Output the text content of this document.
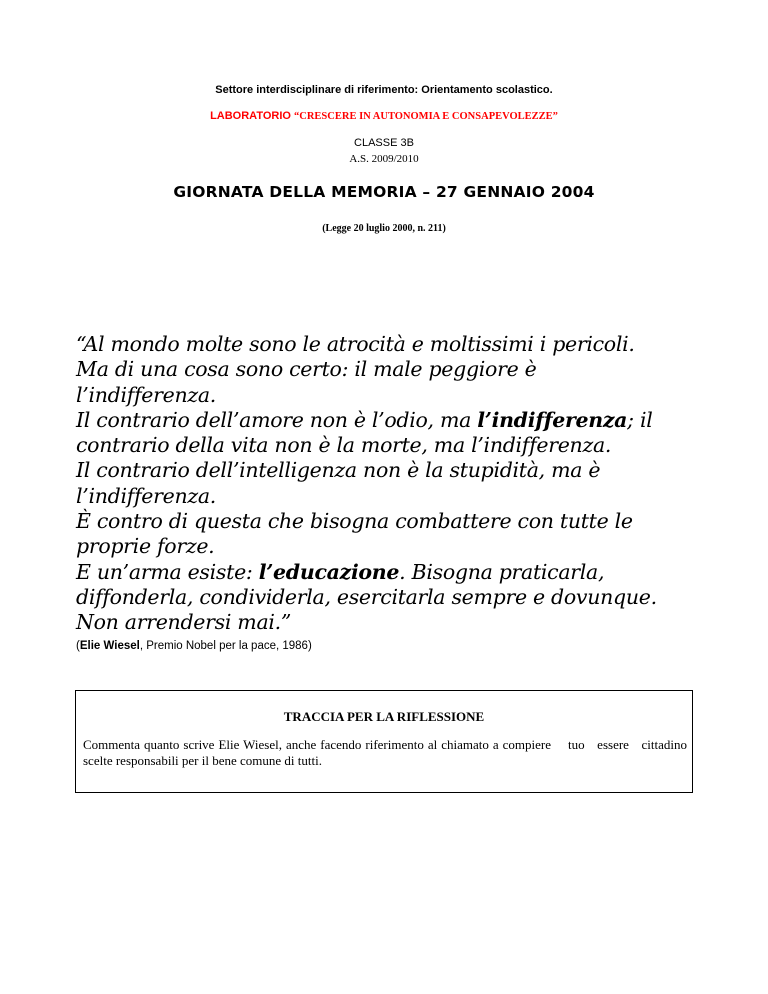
Settore interdisciplinare di riferimento: Orientamento scolastico.
LABORATORIO “CRESCERE IN AUTONOMIA E CONSAPEVOLEZZE”
CLASSE 3B
A.S. 2009/2010
GIORNATA DELLA MEMORIA – 27 GENNAIO 2004
(Legge 20 luglio 2000, n. 211)
“Al mondo molte sono le atrocità e moltissimi i pericoli.
Ma di una cosa sono certo: il male peggiore è
l’indifferenza.
Il contrario dell’amore non è l’odio, ma l’indifferenza; il
contrario della vita non è la morte, ma l’indifferenza.
Il contrario dell’intelligenza non è la stupidità, ma è
l’indifferenza.
È contro di questa che bisogna combattere con tutte le
proprie forze.
E un’arma esiste: l’educazione. Bisogna praticarla,
diffonderla, condividerla, esercitarla sempre e dovunque.
Non arrendersi mai.”
(Elie Wiesel, Premio Nobel per la pace, 1986)
TRACCIA PER LA RIFLESSIONE
Commenta quanto scrive Elie Wiesel, anche facendo riferimento al chiamato a compiere scelte responsabili per il bene comune di tutti.
tuo essere cittadino
